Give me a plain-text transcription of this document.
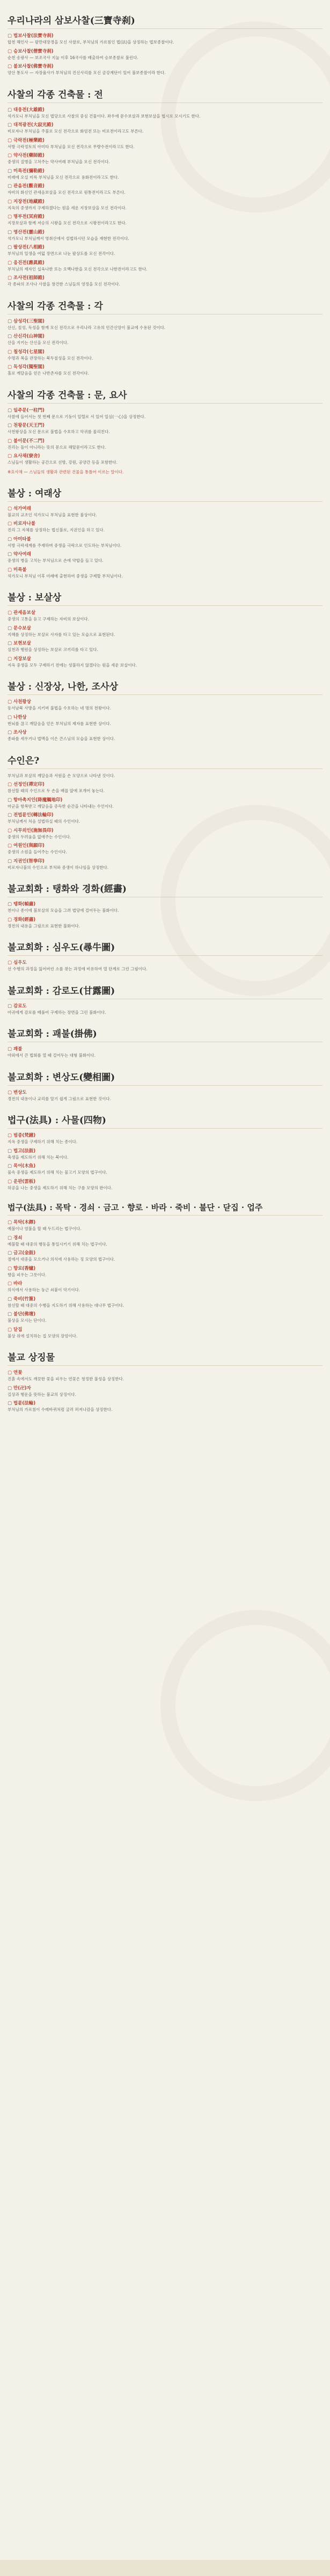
우리나라의 삼보사찰(三寶寺刹)
▢ 법보사찰(法寶寺刹)

합천 해인사 — 팔만대장경을 모신 사찰로, 부처님의 가르침인 법(法)을 상징하는 법보종찰이다.

▢ 승보사찰(僧寶寺刹)

순천 송광사 — 보조국사 지눌 이후 16국사를 배출하여 승보종찰로 불린다.

▢ 불보사찰(佛寶寺刹)

양산 통도사 — 자장율사가 부처님의 진신사리를 모신 금강계단이 있어 불보종찰이라 한다.

사찰의 각종 건축물 : 전
▢ 대웅전(大雄殿)

석가모니 부처님을 모신 법당으로 사찰의 중심 건물이다. 좌우에 문수보살과 보현보살을 협시로 모시기도 한다.

▢ 대적광전(大寂光殿)

비로자나 부처님을 주불로 모신 전각으로 화엄전 또는 비로전이라고도 부른다.

▢ 극락전(極樂殿)

서방 극락정토의 아미타 부처님을 모신 전각으로 무량수전이라고도 한다.

▢ 약사전(藥師殿)

중생의 질병을 고쳐주는 약사여래 부처님을 모신 전각이다.

▢ 미륵전(彌勒殿)

미래에 오실 미륵 부처님을 모신 전각으로 용화전이라고도 한다.

▢ 관음전(觀音殿)

자비의 화신인 관세음보살을 모신 전각으로 원통전이라고도 부른다.

▢ 지장전(地藏殿)

지옥의 중생까지 구제하겠다는 원을 세운 지장보살을 모신 전각이다.

▢ 명부전(冥府殿)

지장보살과 함께 저승의 시왕을 모신 전각으로 시왕전이라고도 한다.

▢ 영산전(靈山殿)

석가모니 부처님께서 영취산에서 설법하시던 모습을 재현한 전각이다.

▢ 팔상전(八相殿)

부처님의 일생을 여덟 장면으로 나눈 팔상도를 모신 전각이다.

▢ 응진전(應眞殿)

부처님의 제자인 십육나한 또는 오백나한을 모신 전각으로 나한전이라고도 한다.

▢ 조사전(祖師殿)

각 종파의 조사나 사찰을 창건한 스님들의 영정을 모신 전각이다.

사찰의 각종 건축물 : 각
▢ 삼성각(三聖閣)

산신, 칠성, 독성을 함께 모신 전각으로 우리나라 고유의 민간신앙이 불교에 수용된 것이다.

▢ 산신각(山神閣)

산을 지키는 산신을 모신 전각이다.

▢ 칠성각(七星閣)

수명과 복을 관장하는 북두칠성을 모신 전각이다.

▢ 독성각(獨聖閣)

홀로 깨달음을 얻은 나반존자를 모신 전각이다.

사찰의 각종 건축물 : 문, 요사
▢ 일주문(一柱門)

사찰에 들어서는 첫 번째 문으로 기둥이 일렬로 서 있어 일심(一心)을 상징한다.

▢ 천왕문(天王門)

사천왕상을 모신 문으로 불법을 수호하고 악귀를 물리친다.

▢ 불이문(不二門)

진리는 둘이 아니라는 뜻의 문으로 해탈문이라고도 한다.

▢ 요사채(寮舍)

스님들이 생활하는 공간으로 선방, 강원, 공양간 등을 포함한다.

※요사채 — 스님들의 생활과 관련된 건물을 통틀어 이르는 말이다.

불상 : 여래상
▢ 석가여래

불교의 교조인 석가모니 부처님을 표현한 불상이다.

▢ 비로자나불

진리 그 자체를 상징하는 법신불로, 지권인을 하고 있다.

▢ 아미타불

서방 극락세계를 주재하며 중생을 극락으로 인도하는 부처님이다.

▢ 약사여래

중생의 병을 고치는 부처님으로 손에 약합을 들고 있다.

▢ 미륵불

석가모니 부처님 이후 미래에 출현하여 중생을 구제할 부처님이다.

불상 : 보살상
▢ 관세음보살

중생의 고통을 듣고 구제하는 자비의 보살이다.

▢ 문수보살

지혜를 상징하는 보살로 사자를 타고 있는 모습으로 표현된다.

▢ 보현보살

실천과 행원을 상징하는 보살로 코끼리를 타고 있다.

▢ 지장보살

지옥 중생을 모두 구제하기 전에는 성불하지 않겠다는 원을 세운 보살이다.

불상 : 신장상, 나한, 조사상
▢ 사천왕상

동서남북 사방을 지키며 불법을 수호하는 네 명의 천왕이다.

▢ 나한상

번뇌를 끊고 깨달음을 얻은 부처님의 제자를 표현한 상이다.

▢ 조사상

종파를 세우거나 법맥을 이은 큰스님의 모습을 표현한 상이다.

수인은?

부처님과 보살의 깨달음과 서원을 손 모양으로 나타낸 것이다.

▢ 선정인(禪定印)

참선할 때의 수인으로 두 손을 배꼽 앞에 포개어 놓는다.

▢ 항마촉지인(降魔觸地印)

마군을 항복받고 깨달음을 증득한 순간을 나타내는 수인이다.

▢ 전법륜인(轉法輪印)

부처님께서 처음 설법하실 때의 수인이다.

▢ 시무외인(施無畏印)

중생의 두려움을 없애주는 수인이다.

▢ 여원인(與願印)

중생의 소원을 들어주는 수인이다.

▢ 지권인(智拳印)

비로자나불의 수인으로 부처와 중생이 하나임을 상징한다.

불교회화 : 탱화와 경화(經畵)
▢ 탱화(幀畵)

천이나 종이에 불보살의 모습을 그려 법당에 걸어두는 불화이다.

▢ 경화(經畵)

경전의 내용을 그림으로 표현한 불화이다.

불교회화 : 심우도(尋牛圖)
▢ 심우도

선 수행의 과정을 잃어버린 소를 찾는 과정에 비유하여 열 단계로 그린 그림이다.

불교회화 : 감로도(甘露圖)
▢ 감로도

아귀에게 감로를 베풀어 구제하는 장면을 그린 불화이다.

불교회화 : 괘불(掛佛)
▢ 괘불

야외에서 큰 법회를 열 때 걸어두는 대형 불화이다.

불교회화 : 변상도(變相圖)
▢ 변상도

경전의 내용이나 교리를 알기 쉽게 그림으로 표현한 것이다.

법구(法具) : 사물(四物)
▢ 범종(梵鐘)

지옥 중생을 구제하기 위해 치는 종이다.

▢ 법고(法鼓)

축생을 제도하기 위해 치는 북이다.

▢ 목어(木魚)

물속 중생을 제도하기 위해 치는 물고기 모양의 법구이다.

▢ 운판(雲板)

허공을 나는 중생을 제도하기 위해 치는 구름 모양의 판이다.

법구(法具) : 목탁 · 경쇠 · 금고 · 향로 · 바라 · 죽비 · 불단 · 닫집 · 업주
▢ 목탁(木鐸)

예불이나 염불을 할 때 두드리는 법구이다.

▢ 경쇠

예불할 때 대중의 행동을 통일시키기 위해 치는 법구이다.

▢ 금고(金鼓)

절에서 대중을 모으거나 의식에 사용하는 징 모양의 법구이다.

▢ 향로(香爐)

향을 피우는 그릇이다.

▢ 바라

의식에서 사용하는 둥근 쇠붙이 악기이다.

▢ 죽비(竹篦)

참선할 때 대중의 수행을 지도하기 위해 사용하는 대나무 법구이다.

▢ 불단(佛壇)

불상을 모시는 단이다.

▢ 닫집

불상 위에 설치하는 집 모양의 장엄이다.

불교 상징물
▢ 연꽃

진흙 속에서도 깨끗한 꽃을 피우는 연꽃은 청정한 불성을 상징한다.

▢ 만(卍)자

길상과 행운을 뜻하는 불교의 상징이다.

▢ 법륜(法輪)

부처님의 가르침이 수레바퀴처럼 굴러 퍼져나감을 상징한다.
